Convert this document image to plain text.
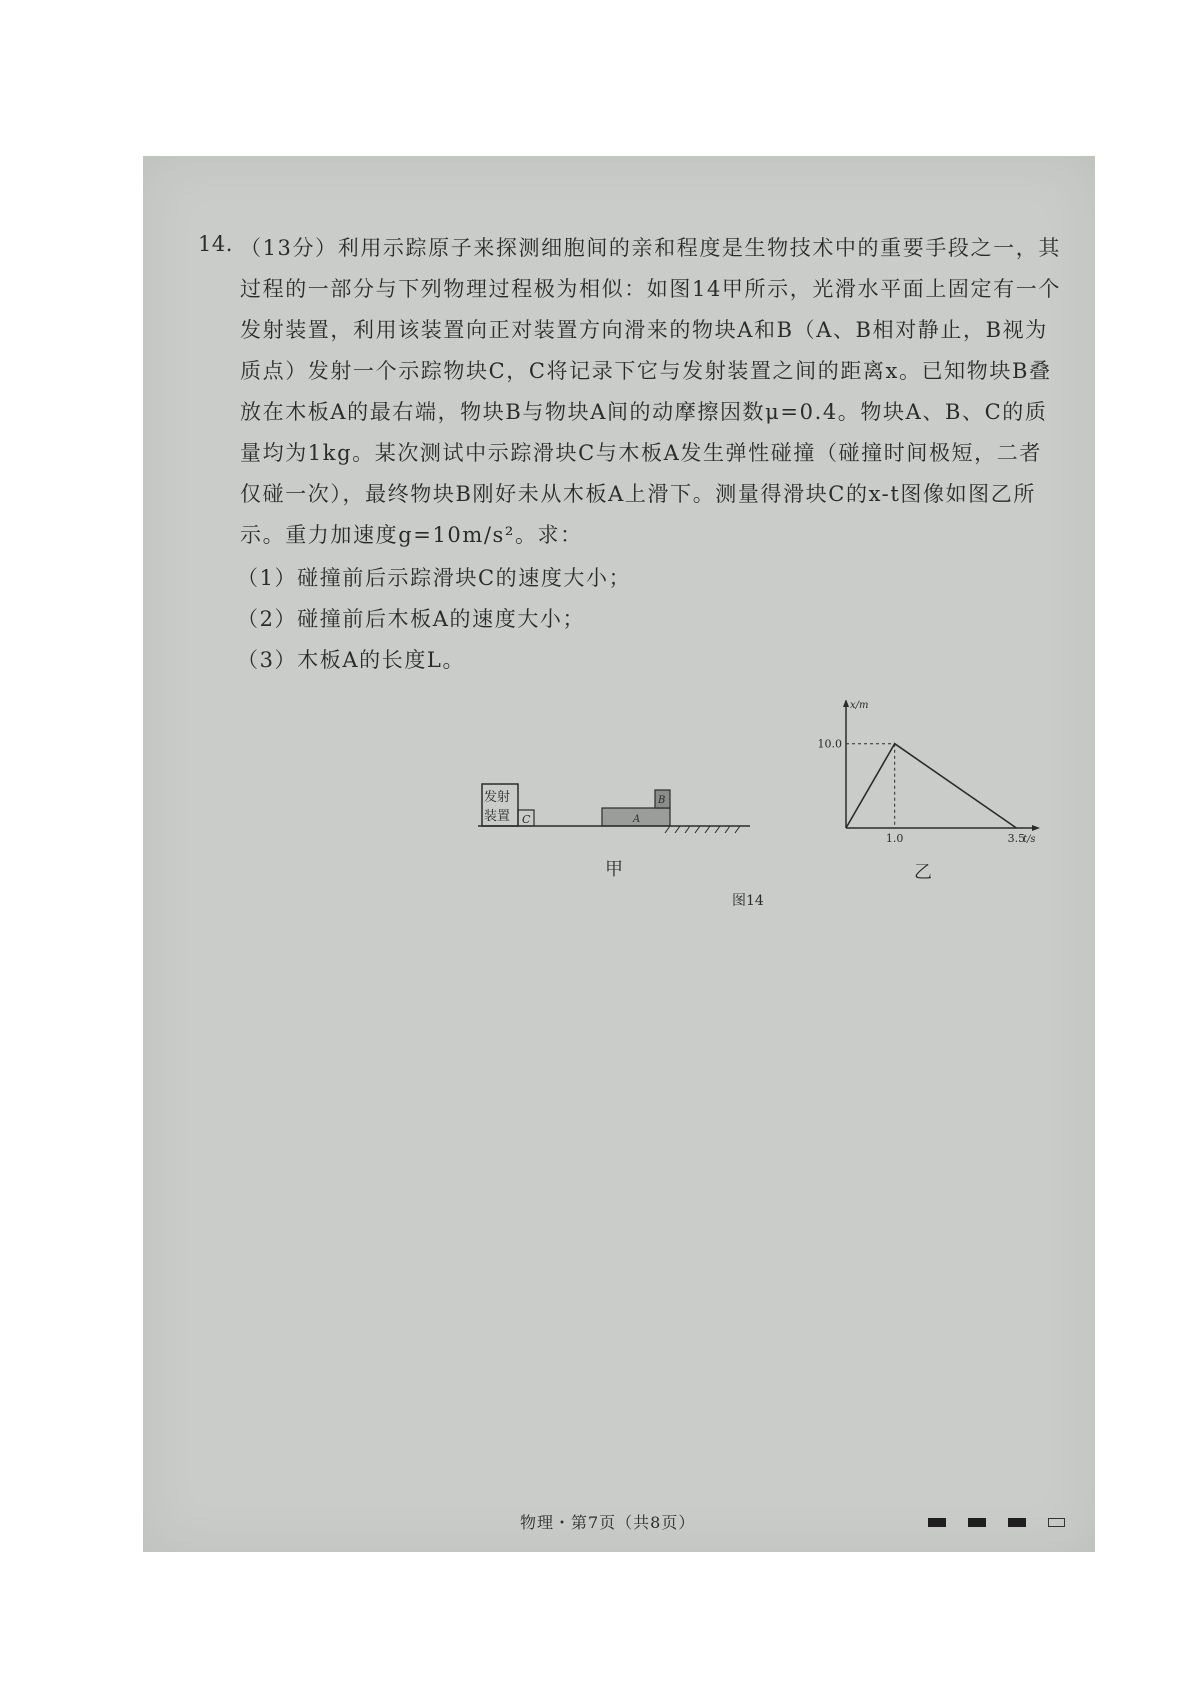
14. （13分）利用示踪原子来探测细胞间的亲和程度是生物技术中的重要手段之一，其
过程的一部分与下列物理过程极为相似：如图14甲所示，光滑水平面上固定有一个
发射装置，利用该装置向正对装置方向滑来的物块A和B（A、B相对静止，B视为
质点）发射一个示踪物块C，C将记录下它与发射装置之间的距离x。已知物块B叠
放在木板A的最右端，物块B与物块A间的动摩擦因数μ=0.4。物块A、B、C的质
量均为1kg。某次测试中示踪滑块C与木板A发生弹性碰撞（碰撞时间极短，二者
仅碰一次），最终物块B刚好未从木板A上滑下。测量得滑块C的x-t图像如图乙所
示。重力加速度g=10m/s²。求：
（1）碰撞前后示踪滑块C的速度大小；
（2）碰撞前后木板A的速度大小；
（3）木板A的长度L。
发射
装置 C	A
B
甲
x/m
t/s
10.0
1.0	3.5
乙
图14
物理・第7页（共8页）
